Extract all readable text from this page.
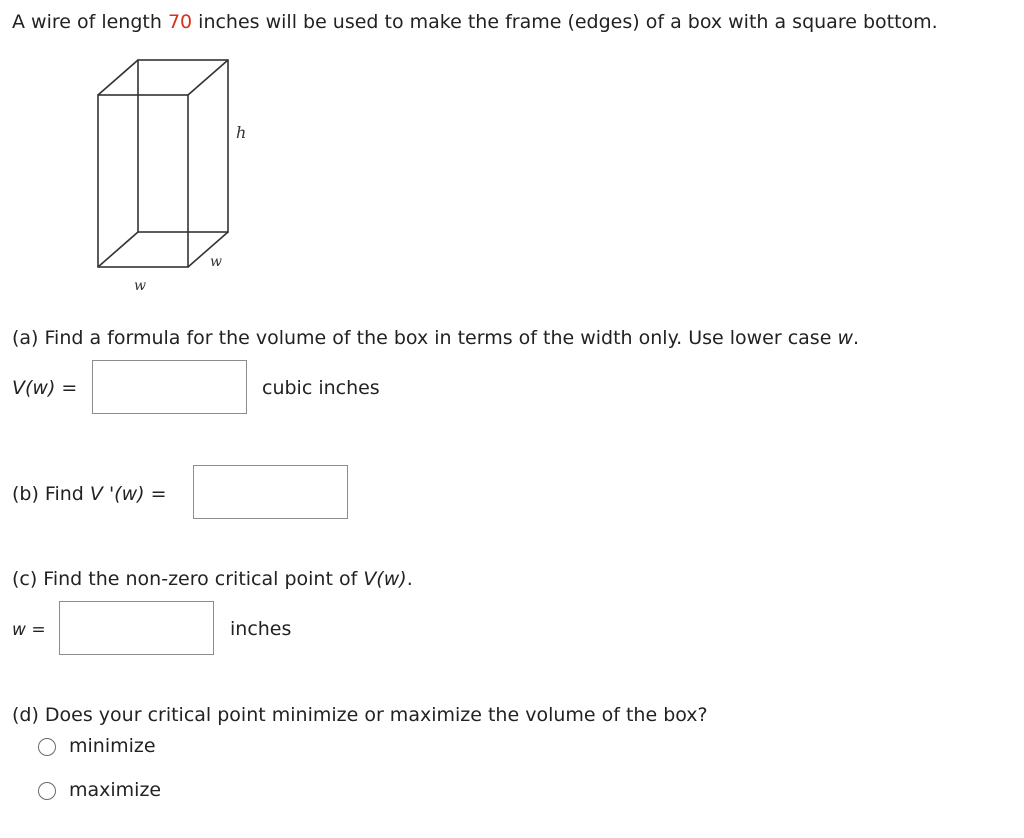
A wire of length 70 inches will be used to make the frame (edges) of a box with a square bottom.
h
w
w
(a) Find a formula for the volume of the box in terms of the width only. Use lower case w.
V(w) =	cubic inches
(b) Find V '(w) =
(c) Find the non-zero critical point of V(w).
w =	inches
(d) Does your critical point minimize or maximize the volume of the box?
minimize
maximize
